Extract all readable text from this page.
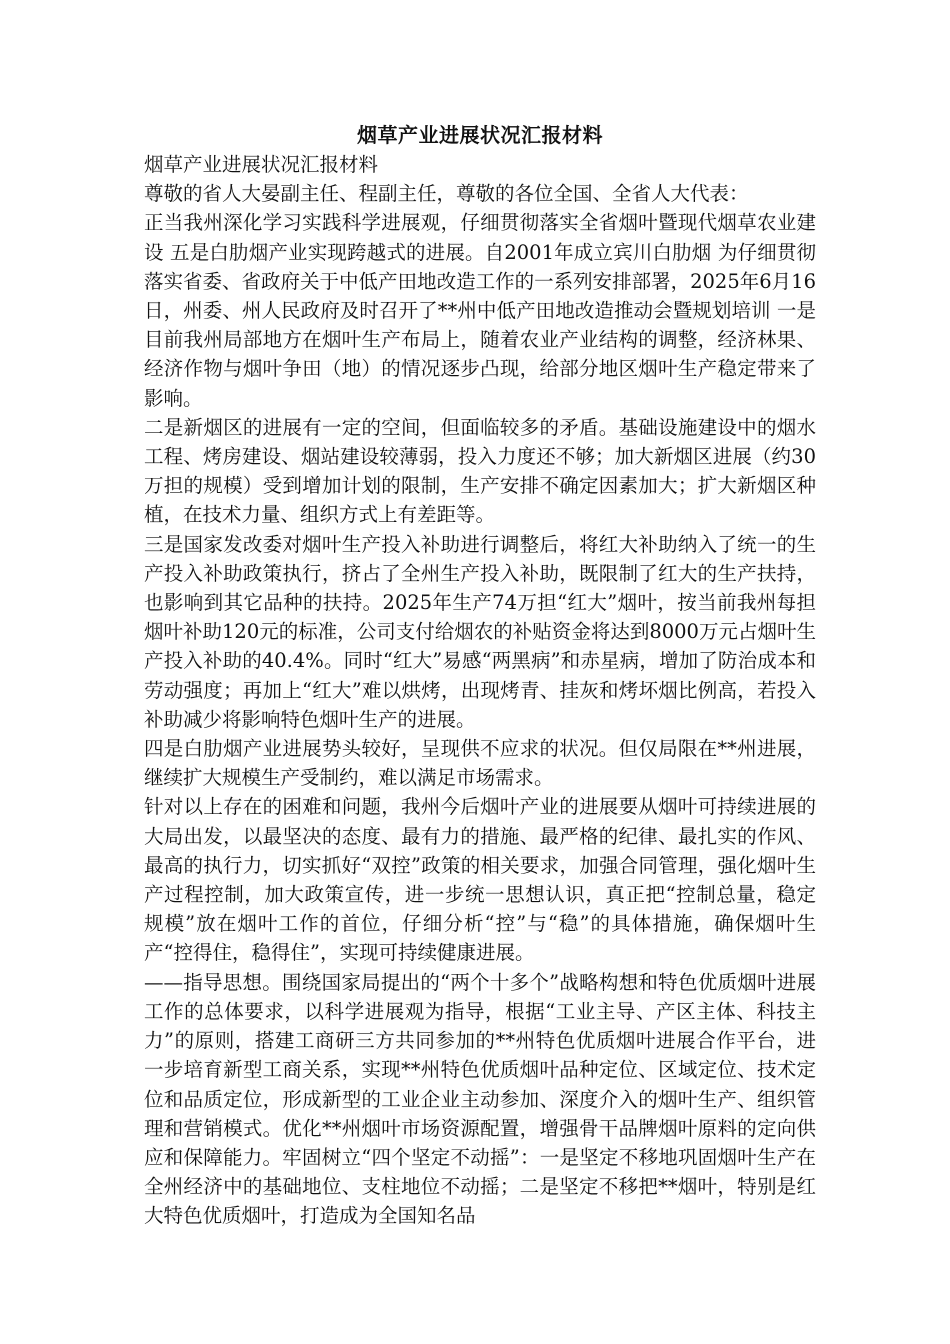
烟草产业进展状况汇报材料

烟草产业进展状况汇报材料

尊敬的省人大晏副主任、程副主任，尊敬的各位全国、全省人大代表：

正当我州深化学习实践科学进展观，仔细贯彻落实全省烟叶暨现代烟草农业建设 五是白肋烟产业实现跨越式的进展。自2001年成立宾川白肋烟 为仔细贯彻落实省委、省政府关于中低产田地改造工作的一系列安排部署，2025年6月16日，州委、州人民政府及时召开了**州中低产田地改造推动会暨规划培训 一是目前我州局部地方在烟叶生产布局上，随着农业产业结构的调整，经济林果、经济作物与烟叶争田（地）的情况逐步凸现，给部分地区烟叶生产稳定带来了影响。

二是新烟区的进展有一定的空间，但面临较多的矛盾。基础设施建设中的烟水工程、烤房建设、烟站建设较薄弱，投入力度还不够；加大新烟区进展（约30万担的规模）受到增加计划的限制，生产安排不确定因素加大；扩大新烟区种植，在技术力量、组织方式上有差距等。

三是国家发改委对烟叶生产投入补助进行调整后，将红大补助纳入了统一的生产投入补助政策执行，挤占了全州生产投入补助，既限制了红大的生产扶持，也影响到其它品种的扶持。2025年生产74万担“红大”烟叶，按当前我州每担烟叶补助120元的标准，公司支付给烟农的补贴资金将达到8000万元占烟叶生产投入补助的40.4%。同时“红大”易感“两黑病”和赤星病，增加了防治成本和劳动强度；再加上“红大”难以烘烤，出现烤青、挂灰和烤坏烟比例高，若投入补助减少将影响特色烟叶生产的进展。

四是白肋烟产业进展势头较好，呈现供不应求的状况。但仅局限在**州进展，继续扩大规模生产受制约，难以满足市场需求。

针对以上存在的困难和问题，我州今后烟叶产业的进展要从烟叶可持续进展的大局出发，以最坚决的态度、最有力的措施、最严格的纪律、最扎实的作风、最高的执行力，切实抓好“双控”政策的相关要求，加强合同管理，强化烟叶生产过程控制，加大政策宣传，进一步统一思想认识，真正把“控制总量，稳定规模”放在烟叶工作的首位，仔细分析“控”与“稳”的具体措施，确保烟叶生产“控得住，稳得住”，实现可持续健康进展。

——指导思想。围绕国家局提出的“两个十多个”战略构想和特色优质烟叶进展工作的总体要求，以科学进展观为指导，根据“工业主导、产区主体、科技主力”的原则，搭建工商研三方共同参加的**州特色优质烟叶进展合作平台，进一步培育新型工商关系，实现**州特色优质烟叶品种定位、区域定位、技术定位和品质定位，形成新型的工业企业主动参加、深度介入的烟叶生产、组织管理和营销模式。优化**州烟叶市场资源配置，增强骨干品牌烟叶原料的定向供应和保障能力。牢固树立“四个坚定不动摇”：一是坚定不移地巩固烟叶生产在全州经济中的基础地位、支柱地位不动摇；二是坚定不移把**烟叶，特别是红大特色优质烟叶，打造成为全国知名品
